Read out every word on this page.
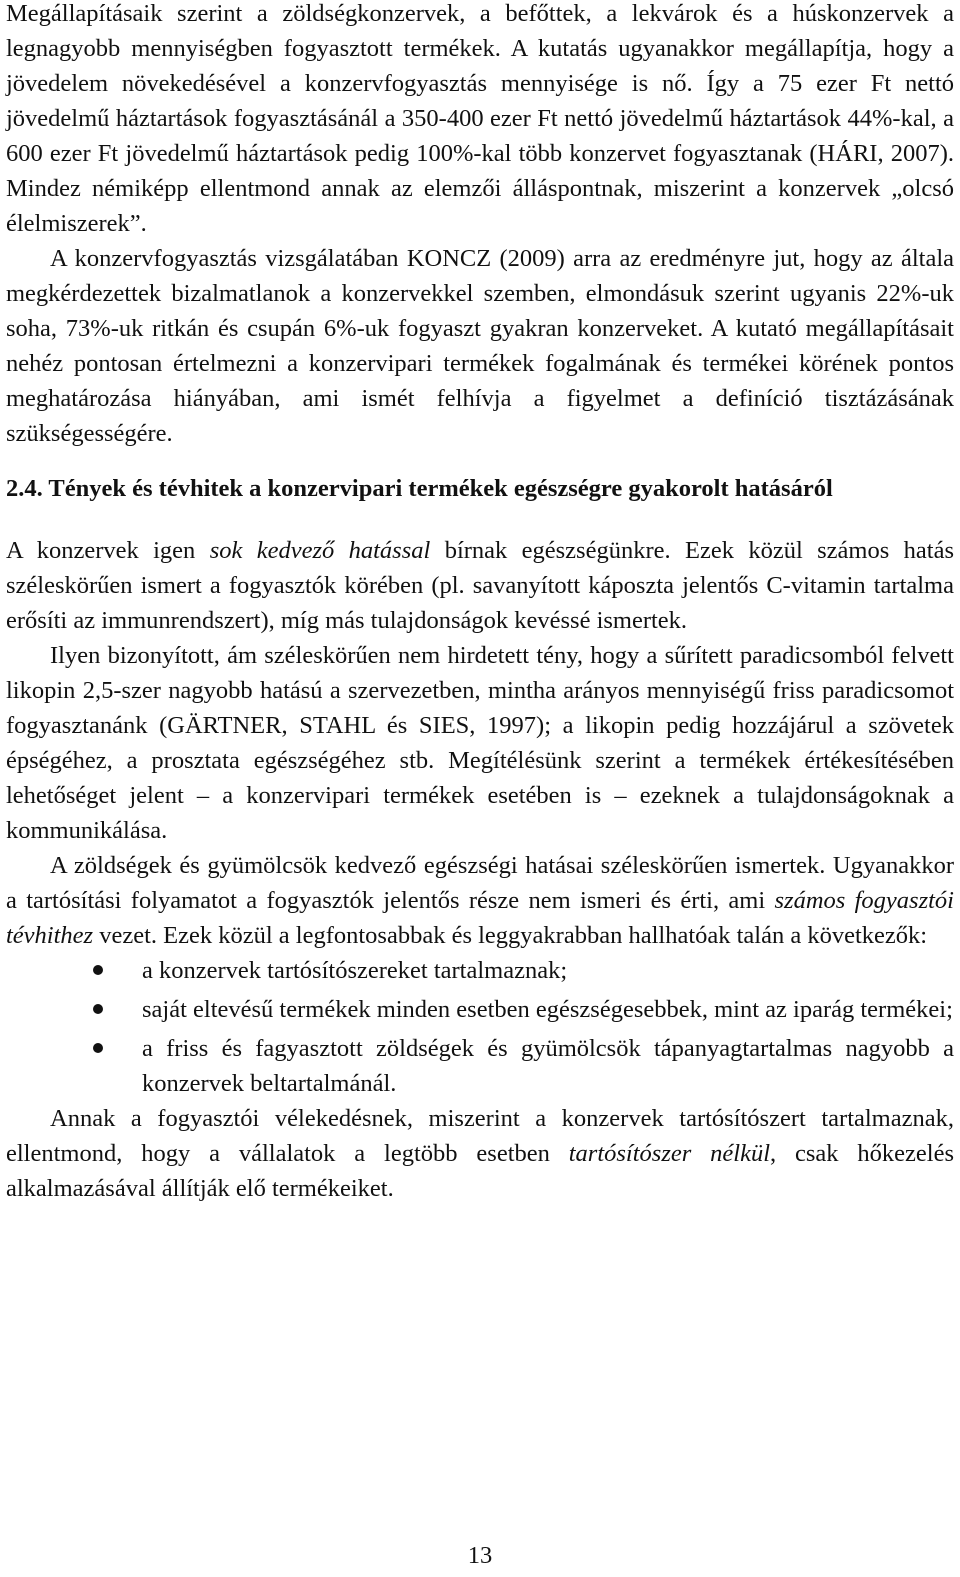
Megállapításaik szerint a zöldségkonzervek, a befőttek, a lekvárok és a húskonzervek a legnagyobb mennyiségben fogyasztott termékek. A kutatás ugyanakkor megállapítja, hogy a jövedelem növekedésével a konzervfogyasztás mennyisége is nő. Így a 75 ezer Ft nettó jövedelmű háztartások fogyasztásánál a 350-400 ezer Ft nettó jövedelmű háztartások 44%-kal, a 600 ezer Ft jövedelmű háztartások pedig 100%-kal több konzervet fogyasztanak (HÁRI, 2007). Mindez némiképp ellentmond annak az elemzői álláspontnak, miszerint a konzervek „olcsó élelmiszerek”.

A konzervfogyasztás vizsgálatában KONCZ (2009) arra az eredményre jut, hogy az általa megkérdezettek bizalmatlanok a konzervekkel szemben, elmondásuk szerint ugyanis 22%-uk soha, 73%-uk ritkán és csupán 6%-uk fogyaszt gyakran konzerveket. A kutató megállapításait nehéz pontosan értelmezni a konzervipari termékek fogalmának és termékei körének pontos meghatározása hiányában, ami ismét felhívja a figyelmet a definíció tisztázásának szükségességére.

2.4. Tények és tévhitek a konzervipari termékek egészségre gyakorolt hatásáról

A konzervek igen sok kedvező hatással bírnak egészségünkre. Ezek közül számos hatás széleskörűen ismert a fogyasztók körében (pl. savanyított káposzta jelentős C-vitamin tartalma erősíti az immunrendszert), míg más tulajdonságok kevéssé ismertek.

Ilyen bizonyított, ám széleskörűen nem hirdetett tény, hogy a sűrített paradicsomból felvett likopin 2,5-szer nagyobb hatású a szervezetben, mintha arányos mennyiségű friss paradicsomot fogyasztanánk (GÄRTNER, STAHL és SIES, 1997); a likopin pedig hozzájárul a szövetek épségéhez, a prosztata egészségéhez stb. Megítélésünk szerint a termékek értékesítésében lehetőséget jelent – a konzervipari termékek esetében is – ezeknek a tulajdonságoknak a kommunikálása.

A zöldségek és gyümölcsök kedvező egészségi hatásai széleskörűen ismertek. Ugyanakkor a tartósítási folyamatot a fogyasztók jelentős része nem ismeri és érti, ami számos fogyasztói tévhithez vezet. Ezek közül a legfontosabbak és leggyakrabban hallhatóak talán a következők:

a konzervek tartósítószereket tartalmaznak;
saját eltevésű termékek minden esetben egészségesebbek, mint az iparág termékei;
a friss és fagyasztott zöldségek és gyümölcsök tápanyagtartalmas nagyobb a konzervek beltartalmánál.

Annak a fogyasztói vélekedésnek, miszerint a konzervek tartósítószert tartalmaznak, ellentmond, hogy a vállalatok a legtöbb esetben tartósítószer nélkül, csak hőkezelés alkalmazásával állítják elő termékeiket.

13
